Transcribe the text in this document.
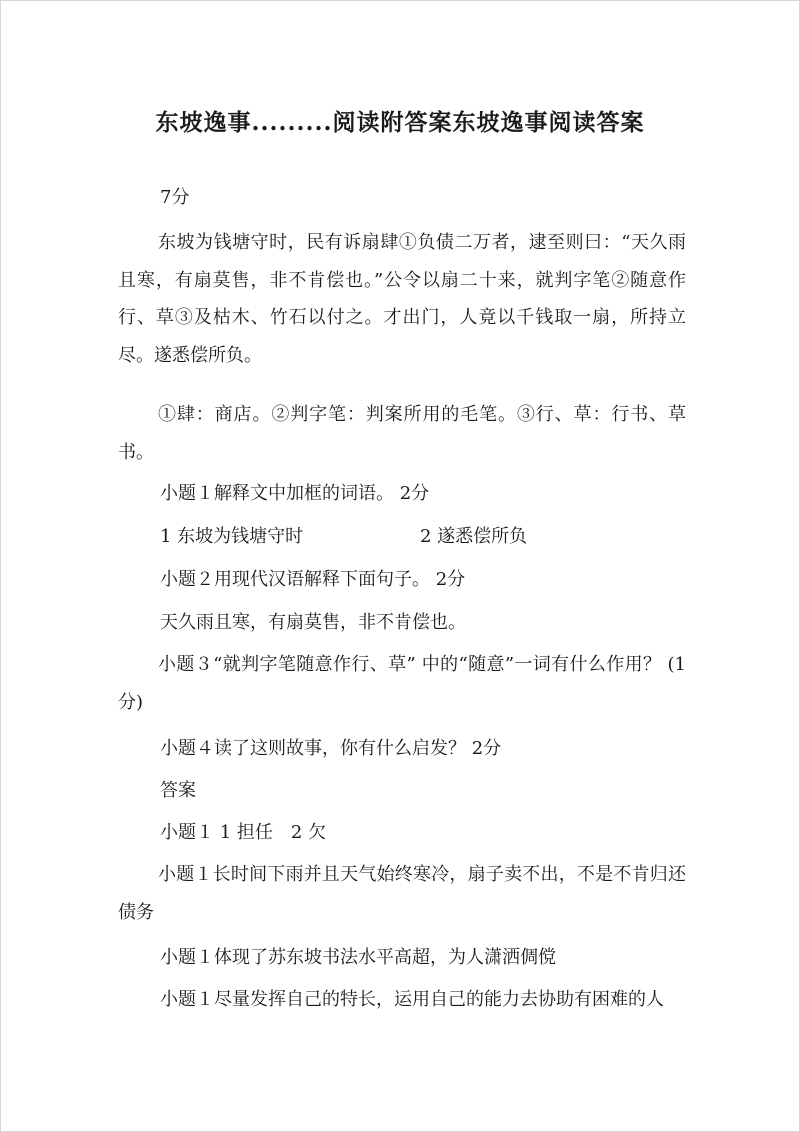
东坡逸事.........阅读附答案东坡逸事阅读答案
7分
东坡为钱塘守时，民有诉扇肆①负债二万者，逮至则曰：“天久雨且寒，有扇莫售，非不肯偿也。”公令以扇二十来，就判字笔②随意作行、草③及枯木、竹石以付之。才出门，人竟以千钱取一扇，所持立尽。遂悉偿所负。
①肆：商店。②判字笔：判案所用的毛笔。③行、草：行书、草书。
小题１解释文中加框的词语。 2分
1 东坡为钱塘守时	2 遂悉偿所负
小题２用现代汉语解释下面句子。 2分
天久雨且寒，有扇莫售，非不肯偿也。
小题３“就判字笔随意作行、草” 中的“随意”一词有什么作用？ (1分)
小题４读了这则故事，你有什么启发？ 2分
答案
小题１ 1 担任　2 欠
小题１长时间下雨并且天气始终寒冷，扇子卖不出，不是不肯归还债务
小题１体现了苏东坡书法水平高超，为人潇洒倜傥
小题１尽量发挥自己的特长，运用自己的能力去协助有困难的人
